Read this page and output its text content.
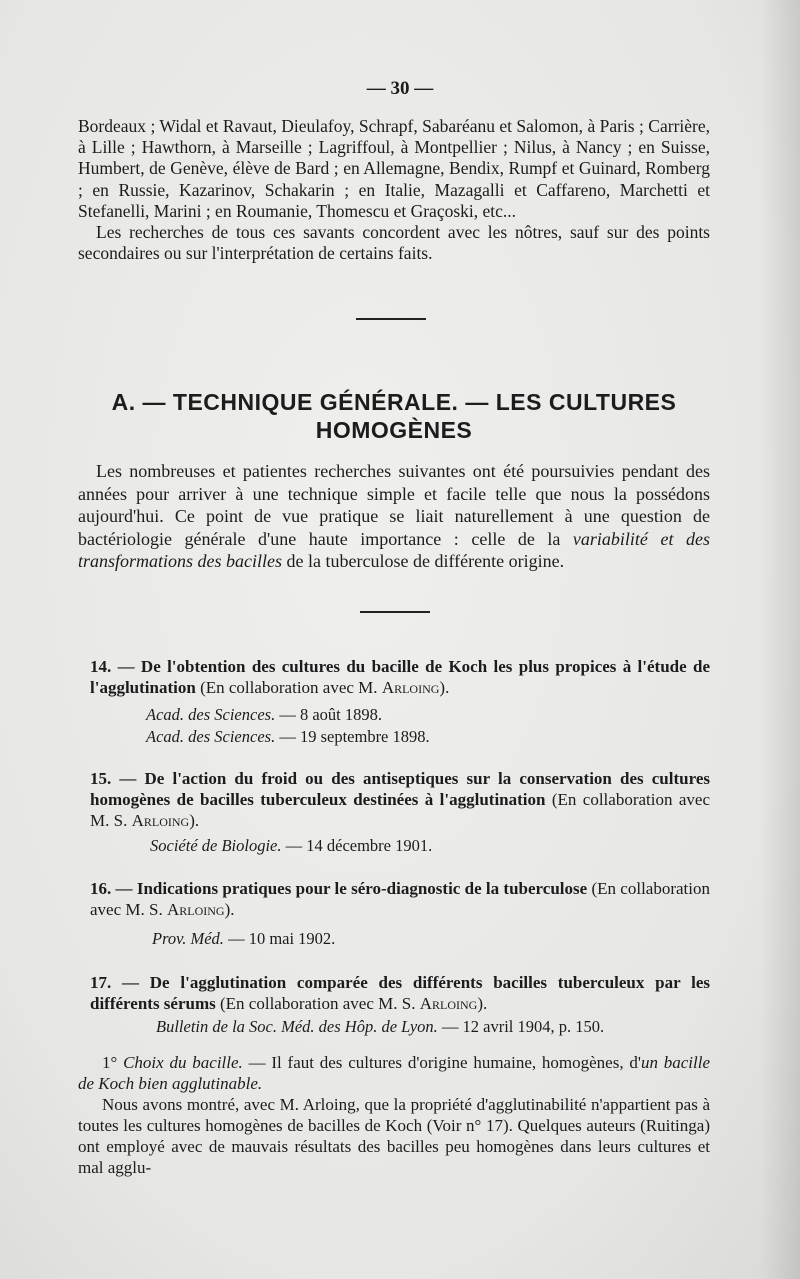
— 30 —

Bordeaux ; Widal et Ravaut, Dieulafoy, Schrapf, Sabaréanu et Salomon, à Paris ; Carrière, à Lille ; Hawthorn, à Marseille ; Lagriffoul, à Montpellier ; Nilus, à Nancy ; en Suisse, Humbert, de Genève, élève de Bard ; en Allemagne, Bendix, Rumpf et Guinard, Romberg ; en Russie, Kazarinov, Schakarin ; en Italie, Mazagalli et Caffareno, Marchetti et Stefanelli, Marini ; en Roumanie, Thomescu et Graçoski, etc...

Les recherches de tous ces savants concordent avec les nôtres, sauf sur des points secondaires ou sur l'interprétation de certains faits.

A. — TECHNIQUE GÉNÉRALE. — LES CULTURES
HOMOGÈNES
Les nombreuses et patientes recherches suivantes ont été poursuivies pendant des années pour arriver à une technique simple et facile telle que nous la possédons aujourd'hui. Ce point de vue pratique se liait naturellement à une question de bactériologie générale d'une haute importance : celle de la variabilité et des transformations des bacilles de la tuberculose de différente origine.
14. — De l'obtention des cultures du bacille de Koch les plus propices à l'étude de l'agglutination (En collaboration avec M. Arloing).
Acad. des Sciences. — 8 août 1898.
Acad. des Sciences. — 19 septembre 1898.
15. — De l'action du froid ou des antiseptiques sur la conservation des cultures homogènes de bacilles tuberculeux destinées à l'agglutination (En collaboration avec M. S. Arloing).
Société de Biologie. — 14 décembre 1901.
16. — Indications pratiques pour le séro-diagnostic de la tuberculose (En collaboration avec M. S. Arloing).
Prov. Méd. — 10 mai 1902.
17. — De l'agglutination comparée des différents bacilles tuberculeux par les différents sérums (En collaboration avec M. S. Arloing).
Bulletin de la Soc. Méd. des Hôp. de Lyon. — 12 avril 1904, p. 150.

1° Choix du bacille. — Il faut des cultures d'origine humaine, homogènes, d'un bacille de Koch bien agglutinable.

Nous avons montré, avec M. Arloing, que la propriété d'agglutinabilité n'appartient pas à toutes les cultures homogènes de bacilles de Koch (Voir n° 17). Quelques auteurs (Ruitinga) ont employé avec de mauvais résultats des bacilles peu homogènes dans leurs cultures et mal agglu-
